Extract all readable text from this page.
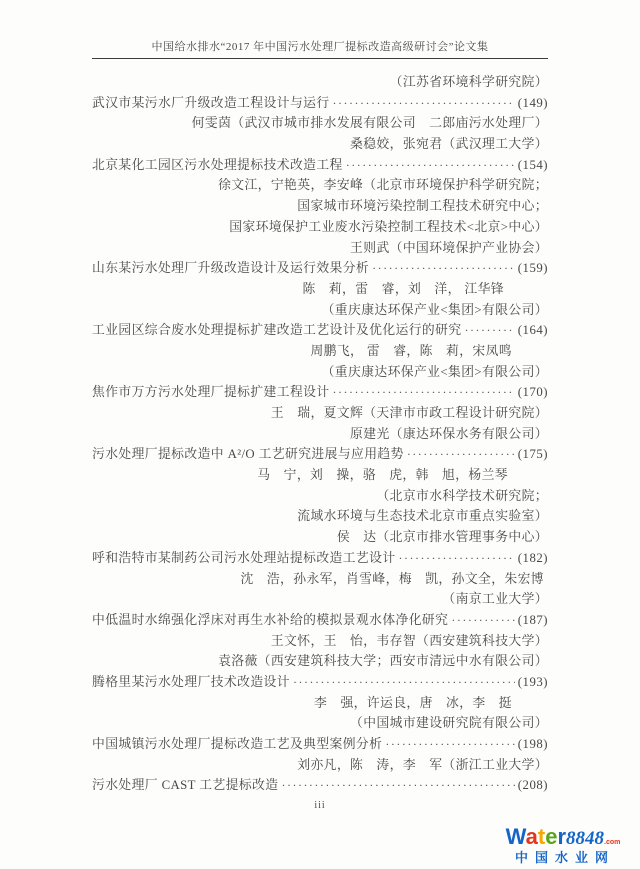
中国给水排水“2017 年中国污水处理厂提标改造高级研讨会”论文集
（江苏省环境科学研究院）
武汉市某污水厂升级改造工程设计与运行 ·····	(149)
何雯茵（武汉市城市排水发展有限公司　二郎庙污水处理厂）
桑稳姣，张宛君（武汉理工大学）
北京某化工园区污水处理提标技术改造工程 ·····	(154)
徐文江，宁艳英，李安峰（北京市环境保护科学研究院；
国家城市环境污染控制工程技术研究中心；
国家环境保护工业废水污染控制工程技术<北京>中心）
王则武（中国环境保护产业协会）
山东某污水处理厂升级改造设计及运行效果分析 ·····	(159)
陈　莉，雷　睿，刘　洋， 江华锋
（重庆康达环保产业<集团>有限公司）
工业园区综合废水处理提标扩建改造工艺设计及优化运行的研究 ·····	(164)
周鹏飞， 雷　睿，陈　莉，宋凤鸣
（重庆康达环保产业<集团>有限公司）
焦作市万方污水处理厂提标扩建工程设计 ·····	(170)
王　瑞，夏文辉（天津市市政工程设计研究院）
原建光（康达环保水务有限公司）
污水处理厂提标改造中 A²/O 工艺研究进展与应用趋势 ·····	(175)
马　宁，刘　操，骆　虎，韩　旭，杨兰琴
（北京市水科学技术研究院；
流域水环境与生态技术北京市重点实验室）
侯　达（北京市排水管理事务中心）
呼和浩特市某制药公司污水处理站提标改造工艺设计 ·····	(182)
沈　浩，孙永军，肖雪峰，梅　凯，孙文全，朱宏博
（南京工业大学）
中低温时水绵强化浮床对再生水补给的模拟景观水体净化研究 ·····	(187)
王文怀，王　怡，韦存智（西安建筑科技大学）
袁洛薇（西安建筑科技大学；西安市清远中水有限公司）
腾格里某污水处理厂技术改造设计 ·····	(193)
李　强，许运良，唐　冰，李　挺
（中国城市建设研究院有限公司）
中国城镇污水处理厂提标改造工艺及典型案例分析 ·····	(198)
刘亦凡，陈　涛，李　军（浙江工业大学）
污水处理厂 CAST 工艺提标改造 ·····	(208)
iii
Water8848.com
中国水业网
